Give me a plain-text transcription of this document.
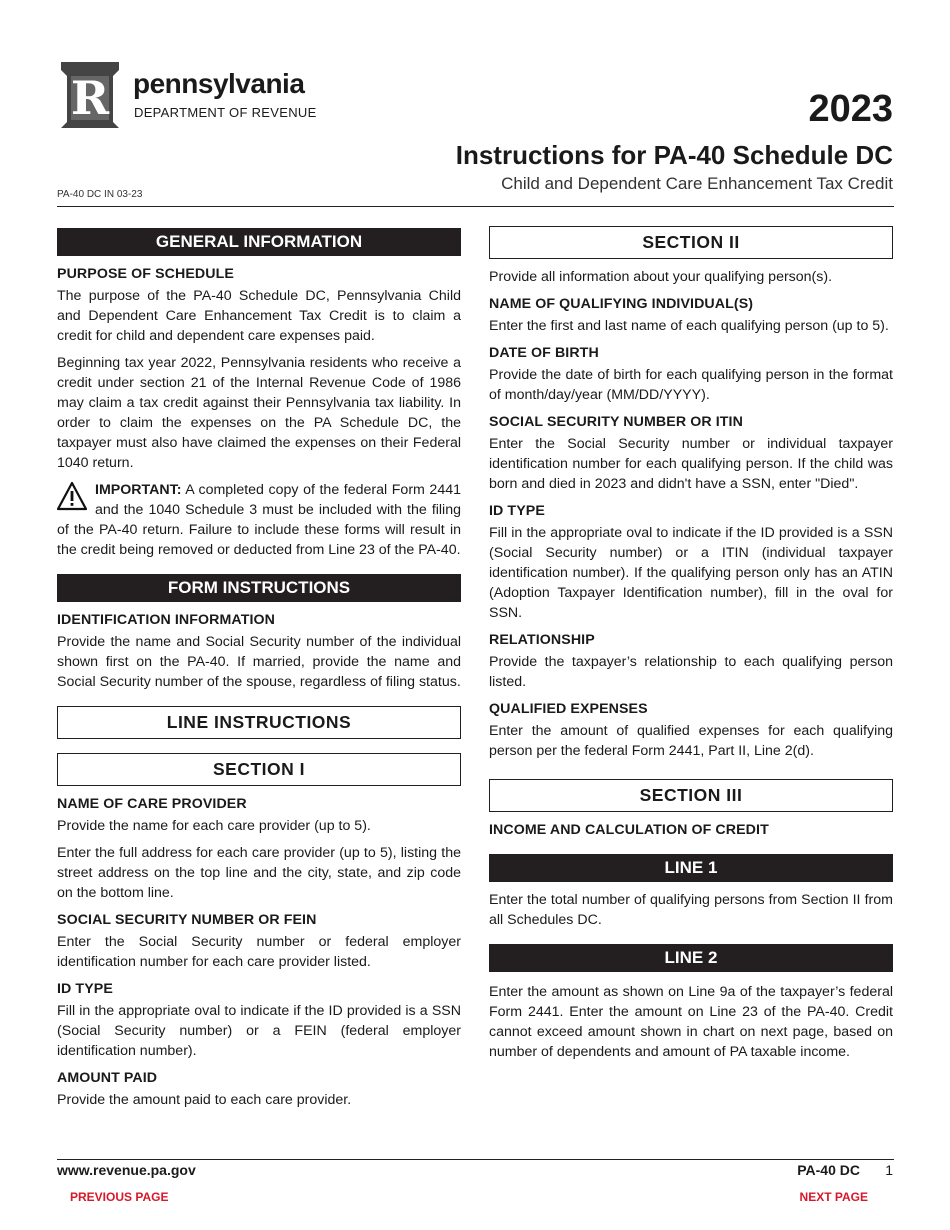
R pennsylvania
DEPARTMENT OF REVENUE	2023
Instructions for PA-40 Schedule DC
Child and Dependent Care Enhancement Tax Credit
PA-40 DC IN 03-23
GENERAL INFORMATION
PURPOSE OF SCHEDULE

The purpose of the PA-40 Schedule DC, Pennsylvania Child and Dependent Care Enhancement Tax Credit is to claim a credit for child and dependent care expenses paid.

Beginning tax year 2022, Pennsylvania residents who receive a credit under section 21 of the Internal Revenue Code of 1986 may claim a tax credit against their Pennsylvania tax liability. In order to claim the expenses on the PA Schedule DC, the taxpayer must also have claimed the expenses on their Federal 1040 return.

IMPORTANT: A completed copy of the federal Form 2441 and the 1040 Schedule 3 must be included with the filing of the PA-40 return. Failure to include these forms will result in the credit being removed or deducted from Line 23 of the PA-40.
FORM INSTRUCTIONS
IDENTIFICATION INFORMATION

Provide the name and Social Security number of the individual shown first on the PA-40. If married, provide the name and Social Security number of the spouse, regardless of filing status.

LINE INSTRUCTIONS
SECTION I
NAME OF CARE PROVIDER

Provide the name for each care provider (up to 5).

Enter the full address for each care provider (up to 5), listing the street address on the top line and the city, state, and zip code on the bottom line.

SOCIAL SECURITY NUMBER OR FEIN

Enter the Social Security number or federal employer identification number for each care provider listed.

ID TYPE

Fill in the appropriate oval to indicate if the ID provided is a SSN (Social Security number) or a FEIN (federal employer identification number).

AMOUNT PAID

Provide the amount paid to each care provider.

SECTION II

Provide all information about your qualifying person(s).

NAME OF QUALIFYING INDIVIDUAL(S)

Enter the first and last name of each qualifying person (up to 5).

DATE OF BIRTH

Provide the date of birth for each qualifying person in the format of month/day/year (MM/DD/YYYY).

SOCIAL SECURITY NUMBER OR ITIN

Enter the Social Security number or individual taxpayer identification number for each qualifying person. If the child was born and died in 2023 and didn't have a SSN, enter "Died".

ID TYPE

Fill in the appropriate oval to indicate if the ID provided is a SSN (Social Security number) or a ITIN (individual taxpayer identification number). If the qualifying person only has an ATIN (Adoption Taxpayer Identification number), fill in the oval for SSN.

RELATIONSHIP

Provide the taxpayer’s relationship to each qualifying person listed.

QUALIFIED EXPENSES

Enter the amount of qualified expenses for each qualifying person per the federal Form 2441, Part II, Line 2(d).

SECTION III
INCOME AND CALCULATION OF CREDIT
LINE 1

Enter the total number of qualifying persons from Section II from all Schedules DC.

LINE 2

Enter the amount as shown on Line 9a of the taxpayer’s federal Form 2441. Enter the amount on Line 23 of the PA-40. Credit cannot exceed amount shown in chart on next page, based on number of dependents and amount of PA taxable income.

www.revenue.pa.gov	PA-40 DC 1
PREVIOUS PAGE	NEXT PAGE
